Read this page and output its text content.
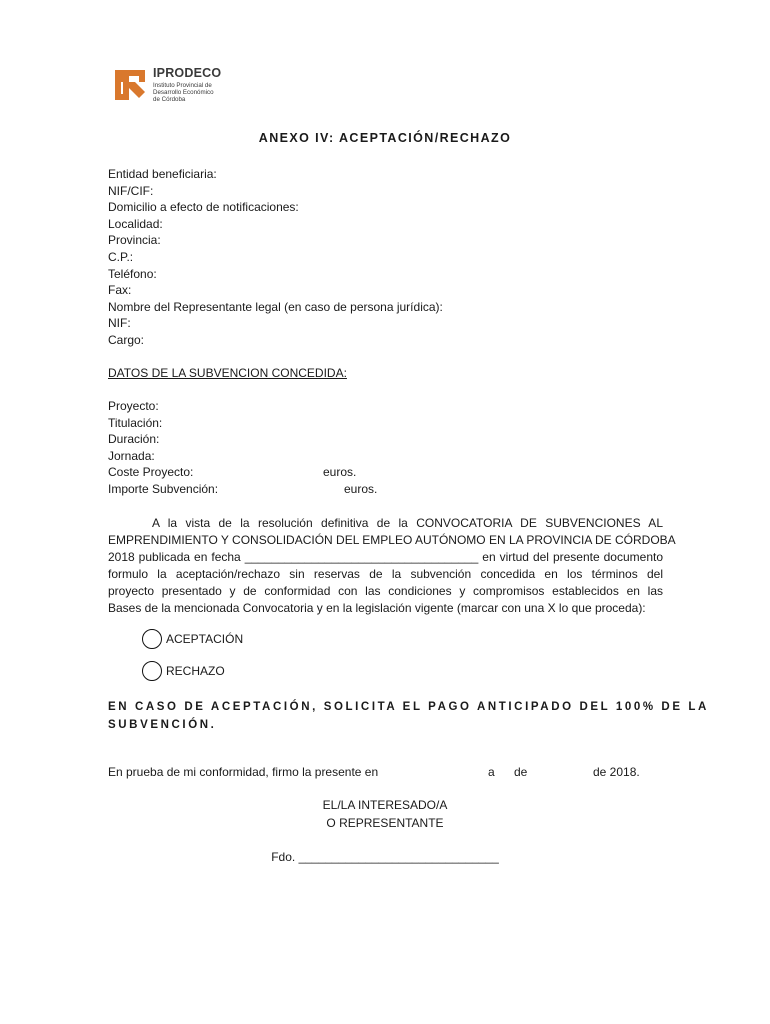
IPRODECO
Instituto Provincial de
Desarrollo Económico
de Córdoba
ANEXO IV: ACEPTACIÓN/RECHAZO
Entidad beneficiaria:
NIF/CIF:
Domicilio a efecto de notificaciones:
Localidad:
Provincia:
C.P.:
Teléfono:
Fax:
Nombre del Representante legal (en caso de persona jurídica):
NIF:
Cargo:
DATOS DE LA SUBVENCION CONCEDIDA:
Proyecto:
Titulación:
Duración:
Jornada:
Coste Proyecto:	euros.
Importe Subvención:	euros.
A la vista de la resolución definitiva de la CONVOCATORIA DE SUBVENCIONES AL
EMPRENDIMIENTO Y CONSOLIDACIÓN DEL EMPLEO AUTÓNOMO EN LA PROVINCIA DE CÓRDOBA
2018 publicada en fecha ___________________________________ en virtud del presente documento
formulo la aceptación/rechazo sin reservas de la subvención concedida en los términos del
proyecto presentado y de conformidad con las condiciones y compromisos establecidos en las
Bases de la mencionada Convocatoria y en la legislación vigente (marcar con una X lo que proceda):
ACEPTACIÓN
RECHAZO
EN CASO DE ACEPTACIÓN, SOLICITA EL PAGO ANTICIPADO DEL 100% DE LA
SUBVENCIÓN.
En prueba de mi conformidad, firmo la presente en	a de	de 2018.
EL/LA INTERESADO/A
O REPRESENTANTE
Fdo. ______________________________
